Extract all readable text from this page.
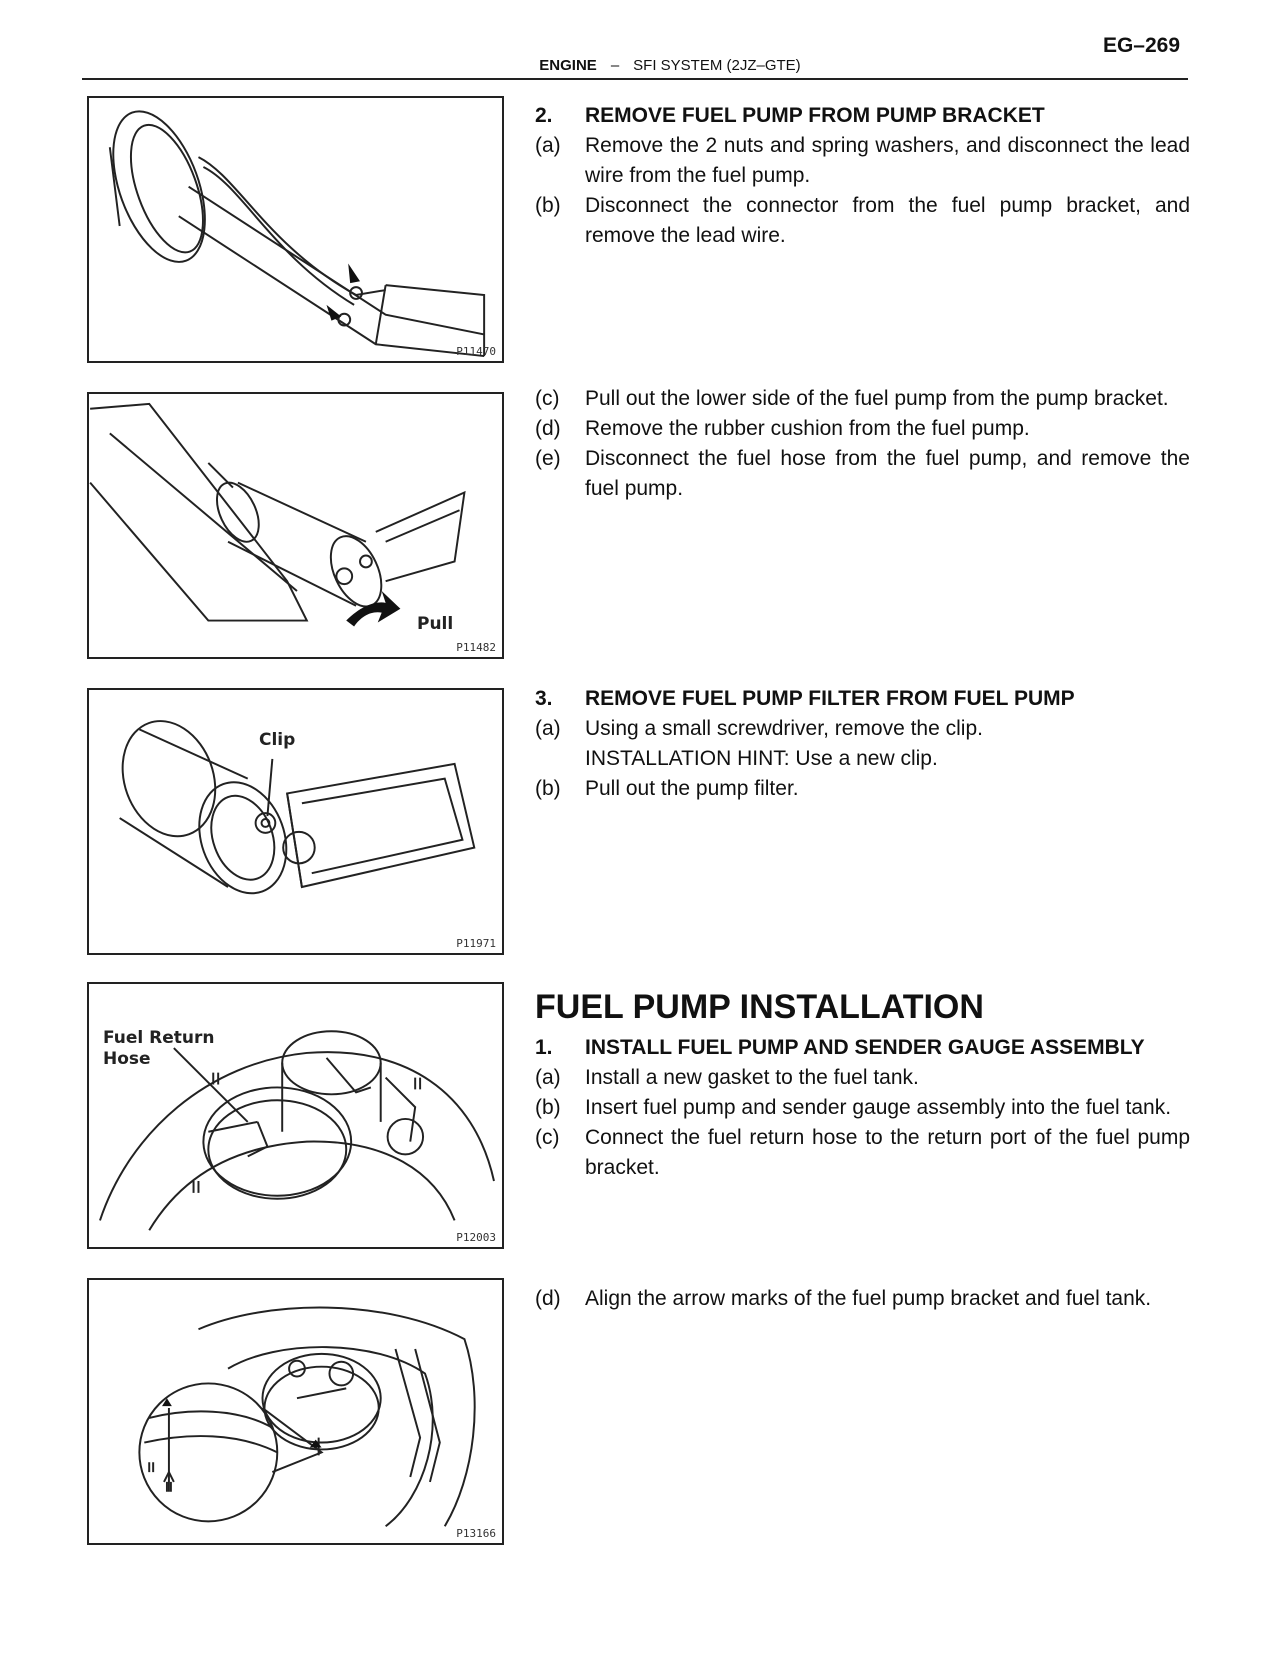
EG–269
ENGINE – SFI SYSTEM (2JZ–GTE)
P11470
Pull
P11482
Clip
P11971
Fuel Return
Hose
P12003
P13166
2.	REMOVE FUEL PUMP FROM PUMP BRACKET
(a)	Remove the 2 nuts and spring washers, and disconnect the lead wire from the fuel pump.
(b)	Disconnect the connector from the fuel pump bracket, and remove the lead wire.
(c)	Pull out the lower side of the fuel pump from the pump bracket.
(d)	Remove the rubber cushion from the fuel pump.
(e)	Disconnect the fuel hose from the fuel pump, and remove the fuel pump.
3.	REMOVE FUEL PUMP FILTER FROM FUEL PUMP
(a)	Using a small screwdriver, remove the clip.
INSTALLATION HINT: Use a new clip.
(b)	Pull out the pump filter.
FUEL PUMP INSTALLATION
1.	INSTALL FUEL PUMP AND SENDER GAUGE ASSEMBLY
(a)	Install a new gasket to the fuel tank.
(b)	Insert fuel pump and sender gauge assembly into the fuel tank.
(c)	Connect the fuel return hose to the return port of the fuel pump bracket.
(d)	Align the arrow marks of the fuel pump bracket and fuel tank.
